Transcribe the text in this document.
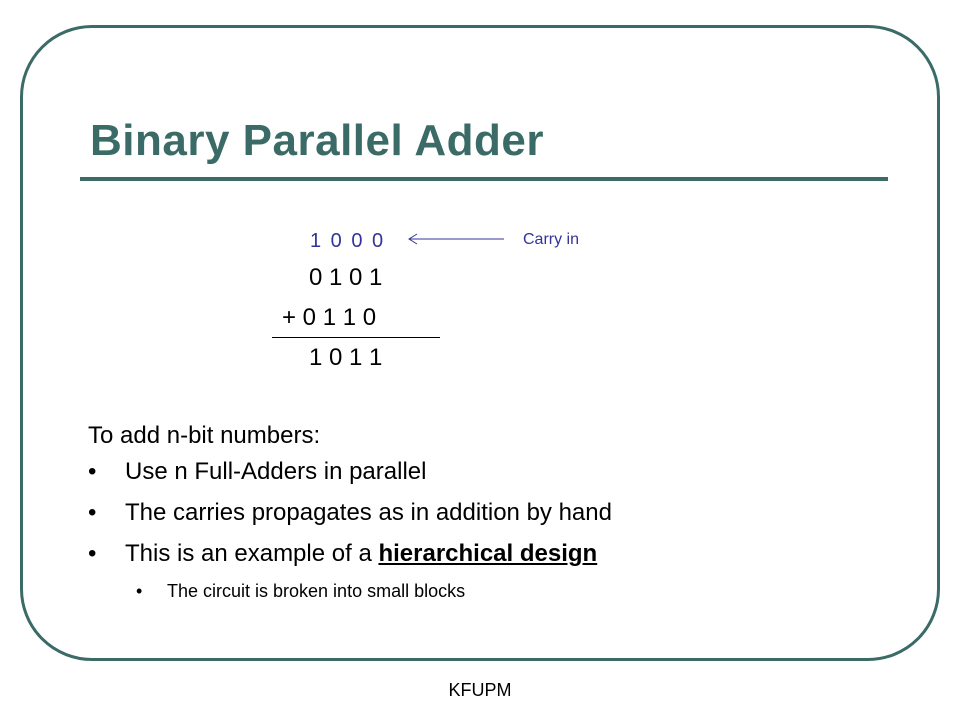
Binary Parallel Adder
1 0 0 0	Carry in
0 1 0 1
+ 0 1 1 0
1 0 1 1
To add n-bit numbers:
• Use n Full-Adders in parallel
• The carries propagates as in addition by hand
• This is an example of a hierarchical design
• The circuit is broken into small blocks
KFUPM
